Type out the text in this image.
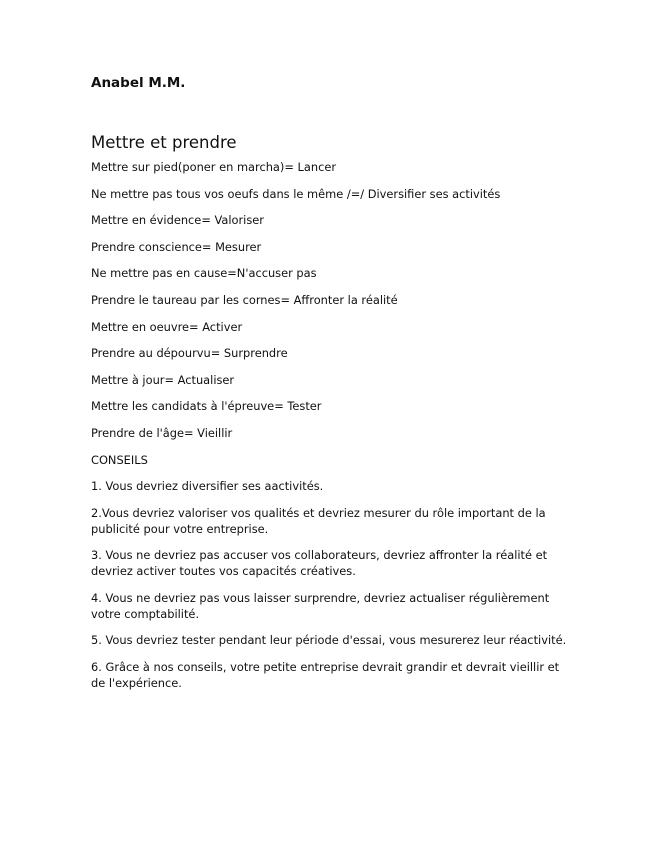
Anabel M.M.

Mettre et prendre
Mettre sur pied(poner en marcha)= Lancer
Ne mettre pas tous vos oeufs dans le même /=/ Diversifier ses activités
Mettre en évidence= Valoriser
Prendre conscience= Mesurer
Ne mettre pas en cause=N'accuser pas
Prendre le taureau par les cornes= Affronter la réalité
Mettre en oeuvre= Activer
Prendre au dépourvu= Surprendre
Mettre à jour= Actualiser
Mettre les candidats à l'épreuve= Tester
Prendre de l'âge= Vieillir

CONSEILS

1. Vous devriez diversifier ses aactivités.
2.Vous devriez valoriser vos qualités et devriez mesurer du rôle important de la publicité pour votre entreprise.
3. Vous ne devriez pas accuser vos collaborateurs, devriez affronter la réalité et devriez activer toutes vos capacités créatives.
4. Vous ne devriez pas vous laisser surprendre, devriez actualiser régulièrement votre comptabilité.
5. Vous devriez tester pendant leur période d'essai, vous mesurerez leur réactivité.
6. Grâce à nos conseils, votre petite entreprise devrait grandir et devrait vieillir et de l'expérience.
